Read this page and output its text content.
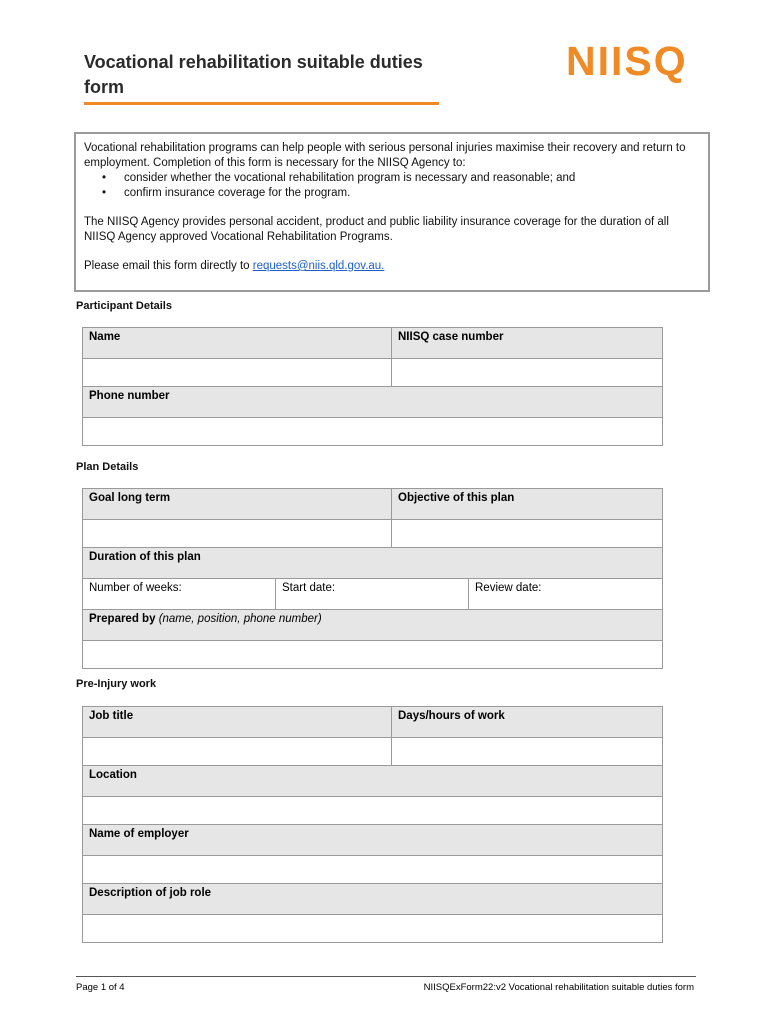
Vocational rehabilitation suitable duties form
NIISQ

Vocational rehabilitation programs can help people with serious personal injuries maximise their recovery and return to employment. Completion of this form is necessary for the NIISQ Agency to:

• consider whether the vocational rehabilitation program is necessary and reasonable; and
• confirm insurance coverage for the program.

The NIISQ Agency provides personal accident, product and public liability insurance coverage for the duration of all NIISQ Agency approved Vocational Rehabilitation Programs.

Please email this form directly to requests@niis.qld.gov.au.

Participant Details
Name	NIISQ case number

Phone number	

Plan Details
Goal long term		Objective of this plan	

Duration of this plan			
Number of weeks:	Start date:		Review date:
Prepared by (name, position, phone number)			

Pre-Injury work
Job title	Days/hours of work

Location	

Name of employer	

Description of job role	

Page 1 of 4	NIISQExForm22:v2 Vocational rehabilitation suitable duties form
